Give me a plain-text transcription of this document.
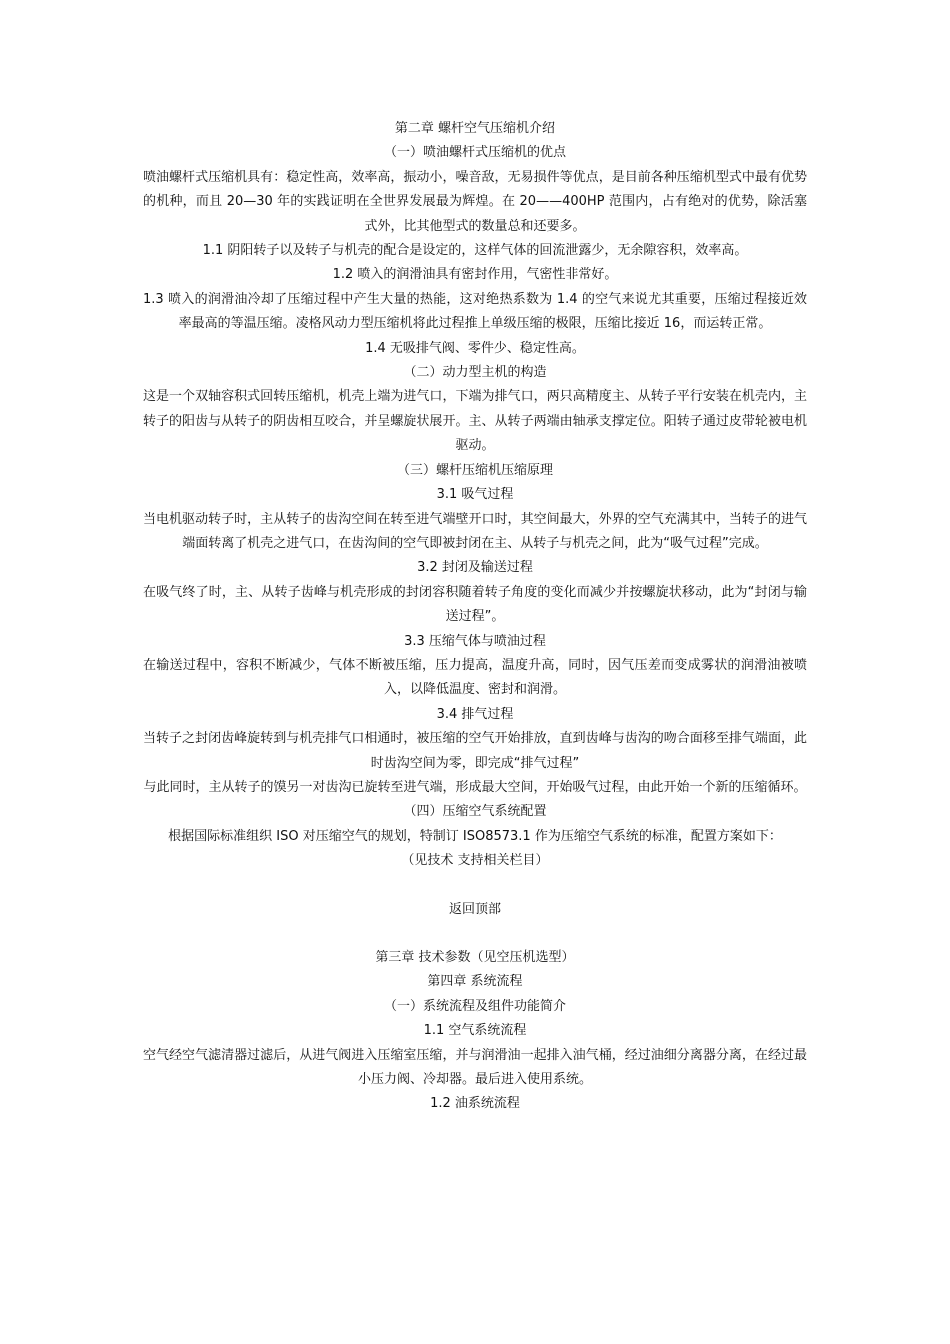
第二章 螺杆空气压缩机介绍

（一）喷油螺杆式压缩机的优点

喷油螺杆式压缩机具有：稳定性高，效率高，振动小，噪音敌，无易损件等优点，是目前各种压缩机型式中最有优势的机种，而且 20—30 年的实践证明在全世界发展最为辉煌。在 20——400HP 范围内，占有绝对的优势，除活塞式外，比其他型式的数量总和还要多。

1.1 阴阳转子以及转子与机壳的配合是设定的，这样气体的回流泄露少，无余隙容积，效率高。

1.2 喷入的润滑油具有密封作用，气密性非常好。

1.3 喷入的润滑油冷却了压缩过程中产生大量的热能，这对绝热系数为 1.4 的空气来说尤其重要，压缩过程接近效率最高的等温压缩。凌格风动力型压缩机将此过程推上单级压缩的极限，压缩比接近 16，而运转正常。

1.4 无吸排气阀、零件少、稳定性高。

（二）动力型主机的构造

这是一个双轴容积式回转压缩机，机壳上端为进气口，下端为排气口，两只高精度主、从转子平行安装在机壳内，主转子的阳齿与从转子的阴齿相互咬合，并呈螺旋状展开。主、从转子两端由轴承支撑定位。阳转子通过皮带轮被电机驱动。

（三）螺杆压缩机压缩原理

3.1 吸气过程

当电机驱动转子时，主从转子的齿沟空间在转至进气端壁开口时，其空间最大，外界的空气充满其中，当转子的进气端面转离了机壳之进气口，在齿沟间的空气即被封闭在主、从转子与机壳之间，此为“吸气过程”完成。

3.2 封闭及输送过程

在吸气终了时，主、从转子齿峰与机壳形成的封闭容积随着转子角度的变化而减少并按螺旋状移动，此为“封闭与输送过程”。

3.3 压缩气体与喷油过程

在输送过程中，容积不断减少，气体不断被压缩，压力提高，温度升高，同时，因气压差而变成雾状的润滑油被喷入，以降低温度、密封和润滑。

3.4 排气过程

当转子之封闭齿峰旋转到与机壳排气口相通时，被压缩的空气开始排放，直到齿峰与齿沟的吻合面移至排气端面，此时齿沟空间为零，即完成“排气过程”

与此同时，主从转子的馍另一对齿沟已旋转至进气端，形成最大空间，开始吸气过程，由此开始一个新的压缩循环。

（四）压缩空气系统配置

根据国际标准组织 ISO 对压缩空气的规划，特制订 ISO8573.1 作为压缩空气系统的标准，配置方案如下：

（见技术 支持相关栏目）

返回顶部

第三章 技术参数（见空压机选型）

第四章 系统流程

（一）系统流程及组件功能简介

1.1 空气系统流程

空气经空气滤清器过滤后，从进气阀进入压缩室压缩，并与润滑油一起排入油气桶，经过油细分离器分离，在经过最小压力阀、冷却器。最后进入使用系统。

1.2 油系统流程
